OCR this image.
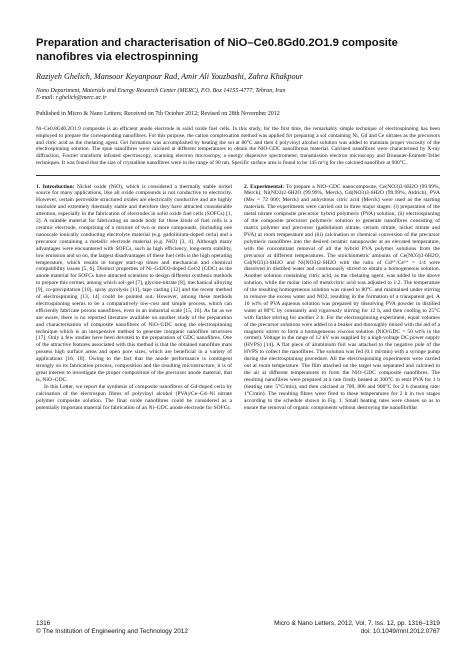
Preparation and characterisation of NiO–Ce0.8Gd0.2O1.9 composite nanofibres via electrospinning
Raziyeh Ghelich, Mansoor Keyanpour Rad, Amir Ali Youzbashi, Zahra Khakpour
Nano Department, Materials and Energy Research Center (MERC), P.O. Box 14155-4777, Tehran, Iran
E-mail: r.ghelich@merc.ac.ir
Published in Micro & Nano Letters; Received on 7th October 2012; Revised on 28th November 2012
Ni–Ce0.8Gd0.2O1.9 composite is an efficient anode electrode in solid oxide fuel cells. In this study, for the first time, the remarkably simple technique of electrospinning has been employed to prepare the corresponding nanofibres. For this purpose, the cation complexation method was applied for preparing a sol containing Ni, Gd and Ce nitrates as the precursors and citric acid as the chelating agent. Gel formation was accomplished by heating the sol at 80°C and then 4 polyvinyl alcohol solution was added to maintain proper viscosity of the electrospinning solution. The spun nanofibres were calcined at different temperatures to obtain the NiO-GDC nanofibrous material. Calcined nanofibres were characterised by X-ray diffraction, Fourier transform infrared spectroscopy, scanning electron microscopy, a energy dispersive spectrometer, transmission electron microscopy and Brunauer-Emmett-Teller techniques. It was found that the size of crystalline nanofibres were in the range of 90 nm. Specific surface area is found to be 145 m²/g for the calcined nanofibre at 900°C.

1. Introduction: Nickel oxide (NiO), which is considered a thermally stable nickel source for many applications, like all oxide compounds is not conductive to electricity. However, certain perovskite structured oxides are electrically conductive and are highly insoluble and extremely thermally stable and therefore they have attracted considerable attention, especially in the fabrication of electrodes in solid oxide fuel cells (SOFCs) [1, 2]. A suitable material for fabricating an anode body for these kinds of fuel cells is a ceramic electrode, comprising of a mixture of two or more compounds, (including one nanoscale ionically conducting electrolyte material (e.g. gadolinium-doped ceria) and a precursor containing a metallic electrode material (e.g. NiO) [3, 4]. Although many advantages were encountered with SOFCs, such as high efficiency, long-term stability, low emission and so on, the largest disadvantages of these fuel cells is the high operating temperature, which results in longer start-up times and mechanical and chemical compatibility issues [5, 6]. Distinct properties of Ni–Gd2O3-doped CeO2 (GDC) as the anode material for SOFCs have attracted scientists to design different synthesis methods to prepare this cermet, among which sol–gel [7], glycine-nitrate [8], mechanical alloying [9], co-precipitation [10], spray pyrolysis [11], tape casting [12] and the recent method of electrospinning [13, 14] could be pointed out. However, among these methods electrospinning seems to be a comparatively low-cost and simple process, which can efficiently fabricate porous nanofibres, even in an industrial scale [15, 16]. As far as we are aware, there is no reported literature available on another study of the preparation and characterisation of composite nanofibres of NiO–GDC using the electrospinning technique which is an inexpensive method to generate inorganic nanofibre structures [17]. Only a few studies have been devoted to the preparation of GDC nanofibres. One of the attractive features associated with this method is that the obtained nanofibre mats possess high surface areas and open pore sizes, which are beneficial in a variety of applications [16, 18]. Owing to the fact that the anode performance is contingent strongly on its fabrication process, composition and the resulting microstructure, it is of great interest to investigate the proper composition of the precursor anode material, that is, NiO–GDC.

In this Letter, we report the synthesis of composite nanofibres of Gd-doped ceria by calcination of the electrospun fibres of polyvinyl alcohol (PVA)/Ce–Gd–Ni nitrate polymer composite solution. The final oxide nanofibres could be considered as a potentially important material for fabrication of an Ni–GDC anode electrode for SOFCs.

2. Experimental: To prepare a NiO–GDC nanocomposite, Ce(NO3)3·6H2O (99.99%, Merck), Ni(NO3)2·6H2O (99.99%, Merck), Gd(NO3)3·6H2O (99.99%, Aldrich), PVA (Mw = 72 000; Merck) and anhydrous citric acid (Merck) were used as the starting materials. The experiments were carried out in three major stages: (i) preparation of the metal nitrate composite precursor hybrid polymeric (PVA) solution, (ii) electrospinning of the composite precursor polymeric solution to generate nanofibres consisting of matrix polymer and precursor (gadolinium nitrate, cerium nitrate, nickel nitrate and PVA) at room temperature and (iii) calcination or chemical conversion of the precursor polymeric nanofibres into the desired ceramic nanopowder at an elevated temperature, with the concomitant removal of all the hybrid PVA polymer solutions from the precursor at different temperatures. The stoichiometric amounts of Ce(NO3)3·6H2O, Gd(NO3)3·6H2O and Ni(NO3)2·6H2O with the ratio of Gd³⁺/Ce³⁺ = 1/4 were dissolved in distilled water and continuously stirred to obtain a homogeneous solution. Another solution containing citric acid, as the chelating agent, was added to the above solution, while the molar ratio of metal:citric acid was adjusted to 1:2. The temperature of the resulting homogeneous solution was raised to 80°C and maintained under stirring to remove the excess water and NO2, resulting in the formation of a transparent gel. A 10 wt% of PVA aqueous solution was prepared by dissolving PVA powder in distilled water at 80°C by constantly and vigorously stirring for 12 h, and then cooling to 25°C with further stirring for another 2 h. For the electrospinning experiment, equal volumes of the precursor solutions were added to a beaker and thoroughly mixed with the aid of a magnetic stirrer to form a homogeneous viscous solution (NiO/GDC = 50 wt% in the cermet). Voltage in the range of 12 kV was supplied by a high-voltage DC power supply (HVPS) [14]. A flat piece of aluminium foil was attached to the negative pole of the HVPS to collect the nanofibres. The solution was fed (0.1 ml/min) with a syringe pump during the electrospinning procedure. All the electrospinning experiments were carried out at room temperature. The film attached on the target was separated and calcined in the air at different temperatures to form the NiO–GDC composite nanofibres. The resulting nanofibres were prepared at a rate firstly heated at 300°C to emit PVA for 1 h (heating rate: 5°C/min), and then calcined at 700, 800 and 900°C for 2 h (heating rate: 1°C/min). The resulting fibres were fired to these temperatures for 2 h in two stages according to the schedule shown in Fig. 1. Small heating rates were chosen so as to ensure the removal of organic components without destroying the nanofibrillar

1316	Micro & Nano Letters, 2012, Vol. 7, Iss. 12, pp. 1316–1319
© The Institution of Engineering and Technology 2012	doi: 10.1049/mnl.2012.0767
